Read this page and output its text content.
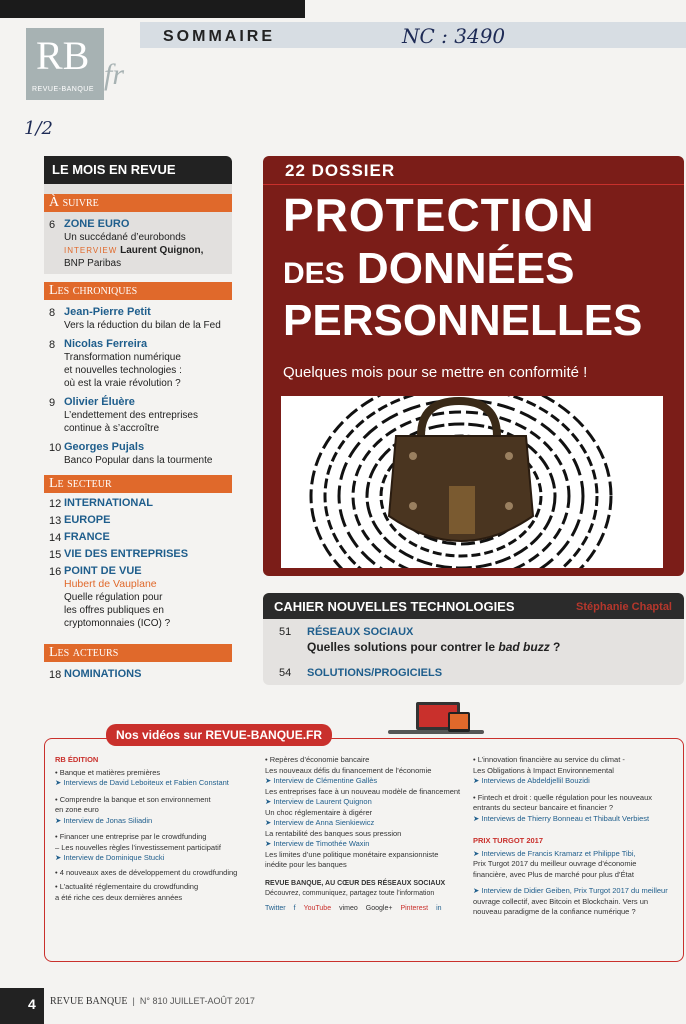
SOMMAIRE	NC : 3490
1/2
RB
REVUE-BANQUE fr
LE MOIS EN REVUE
À suivre
6 ZONE EURO
Un succédané d’eurobonds
INTERVIEW Laurent Quignon,
BNP Paribas
Les chroniques
8 Jean-Pierre Petit
Vers la réduction du bilan de la Fed
8 Nicolas Ferreira
Transformation numérique
et nouvelles technologies :
où est la vraie révolution ?
9 Olivier Éluère
L’endettement des entreprises
continue à s’accroître
10 Georges Pujals
Banco Popular dans la tourmente
Le secteur
12 INTERNATIONAL
13 EUROPE
14 FRANCE
15 VIE DES ENTREPRISES
16 POINT DE VUE
Hubert de Vauplane
Quelle régulation pour
les offres publiques en
cryptomonnaies (ICO) ?
Les acteurs
18 NOMINATIONS
22 DOSSIER
PROTECTION
DES DONNÉES
PERSONNELLES
Quelques mois pour se mettre en conformité !
CAHIER NOUVELLES TECHNOLOGIES	Stéphanie Chaptal
51	RÉSEAUX SOCIAUX
Quelles solutions pour contrer le bad buzz ?
54	SOLUTIONS/PROGICIELS
RB ÉDITION
• Banque et matières premières
➤ Interviews de David Leboiteux et Fabien Constant
• Comprendre la banque et son environnement
en zone euro
➤ Interview de Jonas Siliadin
• Financer une entreprise par le crowdfunding
– Les nouvelles règles l’investissement participatif
➤ Interview de Dominique Stucki
• 4 nouveaux axes de développement du crowdfunding
• L’actualité réglementaire du crowdfunding
a été riche ces deux dernières années
• Repères d’économie bancaire
Les nouveaux défis du financement de l’économie
➤ Interview de Clémentine Gallès
Les entreprises face à un nouveau modèle de financement
➤ Interview de Laurent Quignon
Un choc réglementaire à digérer
➤ Interview de Anna Sienkiewicz
La rentabilité des banques sous pression
➤ Interview de Timothée Waxin
Les limites d’une politique monétaire expansionniste
inédite pour les banques
REVUE BANQUE, AU CŒUR DES RÉSEAUX SOCIAUX
Découvrez, communiquez, partagez toute l’information
Twitter f YouTube vimeo Google+ Pinterest in
• L’innovation financière au service du climat -
Les Obligations à Impact Environnemental
➤ Interviews de Abdeldjellil Bouzidi
• Fintech et droit : quelle régulation pour les nouveaux
entrants du secteur bancaire et financier ?
➤ Interviews de Thierry Bonneau et Thibault Verbiest
PRIX TURGOT 2017
➤ Interviews de Francis Kramarz et Philippe Tibi,
Prix Turgot 2017 du meilleur ouvrage d’économie
financière, avec Plus de marché pour plus d’État
➤ Interview de Didier Geiben, Prix Turgot 2017 du meilleur
ouvrage collectif, avec Bitcoin et Blockchain. Vers un
nouveau paradigme de la confiance numérique ?
Nos vidéos sur REVUE-BANQUE.FR
4	REVUE BANQUE  |  N° 810 JUILLET-AOÛT 2017
